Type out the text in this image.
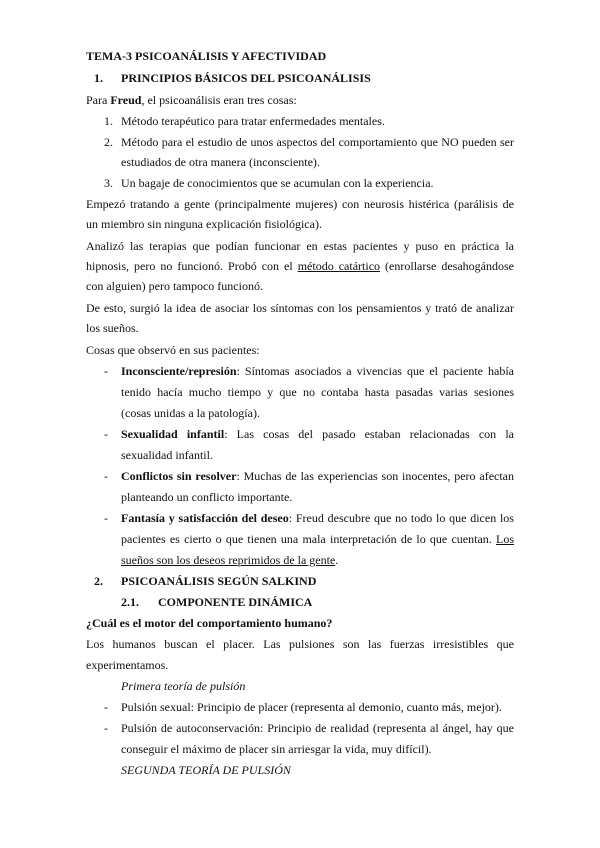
TEMA-3 PSICOANÁLISIS Y AFECTIVIDAD
1. PRINCIPIOS BÁSICOS DEL PSICOANÁLISIS
Para Freud, el psicoanálisis eran tres cosas:
1. Método terapéutico para tratar enfermedades mentales.
2. Método para el estudio de unos aspectos del comportamiento que NO pueden ser
estudiados de otra manera (inconsciente).
3. Un bagaje de conocimientos que se acumulan con la experiencia.
Empezó tratando a gente (principalmente mujeres) con neurosis histérica (parálisis de
un miembro sin ninguna explicación fisiológica).
Analizó las terapias que podían funcionar en estas pacientes y puso en práctica la
hipnosis, pero no funcionó. Probó con el método catártico (enrollarse desahogándose
con alguien) pero tampoco funcionó.
De esto, surgió la idea de asociar los síntomas con los pensamientos y trató de analizar
los sueños.
Cosas que observó en sus pacientes:
- Inconsciente/represión: Síntomas asociados a vivencias que el paciente había
tenido hacía mucho tiempo y que no contaba hasta pasadas varias sesiones
(cosas unidas a la patología).
- Sexualidad infantil: Las cosas del pasado estaban relacionadas con la
sexualidad infantil.
- Conflictos sin resolver: Muchas de las experiencias son inocentes, pero afectan
planteando un conflicto importante.
- Fantasía y satisfacción del deseo: Freud descubre que no todo lo que dicen los
pacientes es cierto o que tienen una mala interpretación de lo que cuentan. Los
sueños son los deseos reprimidos de la gente.
2. PSICOANÁLISIS SEGÚN SALKIND
2.1. COMPONENTE DINÁMICA
¿Cuál es el motor del comportamiento humano?
Los humanos buscan el placer. Las pulsiones son las fuerzas irresistibles que
experimentamos.
Primera teoría de pulsión
- Pulsión sexual: Principio de placer (representa al demonio, cuanto más, mejor).
- Pulsión de autoconservación: Principio de realidad (representa al ángel, hay que
conseguir el máximo de placer sin arriesgar la vida, muy difícil).
SEGUNDA TEORÍA DE PULSIÓN
